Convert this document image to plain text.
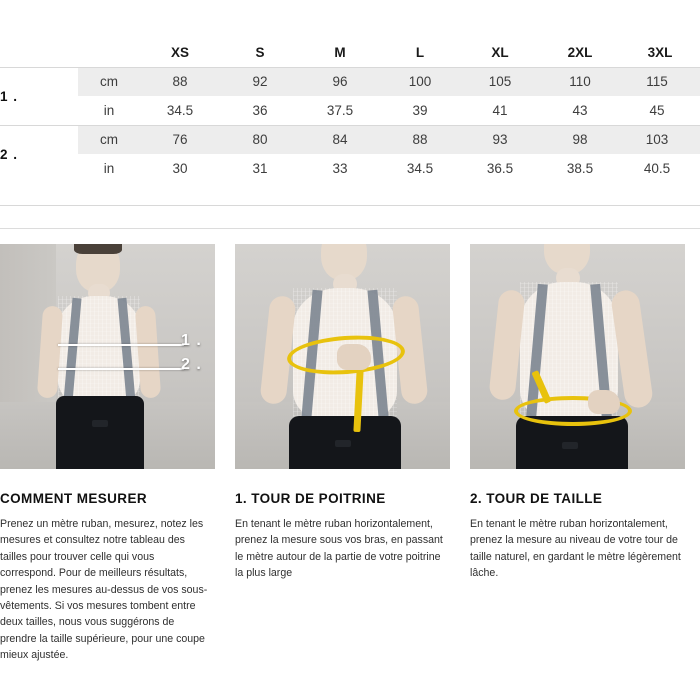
		XS	S	M	L	XL	2XL	3XL
1 .	cm	88	92	96	100	105	110	115
	in	34.5	36	37.5	39	41	43	45
2 .	cm	76	80	84	88	93	98	103
	in	30	31	33	34.5	36.5	38.5	40.5
1 .
2 .
COMMENT MESURER

Prenez un mètre ruban, mesurez, notez les mesures et consultez notre tableau des tailles pour trouver celle qui vous correspond. Pour de meilleurs résultats, prenez les mesures au-dessus de vos sous-vêtements. Si vos mesures tombent entre deux tailles, nous vous suggérons de prendre la taille supérieure, pour une coupe mieux ajustée.

1. TOUR DE POITRINE

En tenant le mètre ruban horizontalement, prenez la mesure sous vos bras, en passant le mètre autour de la partie de votre poitrine la plus large

2. TOUR DE TAILLE

En tenant le mètre ruban horizontalement, prenez la mesure au niveau de votre tour de taille naturel, en gardant le mètre légèrement lâche.
